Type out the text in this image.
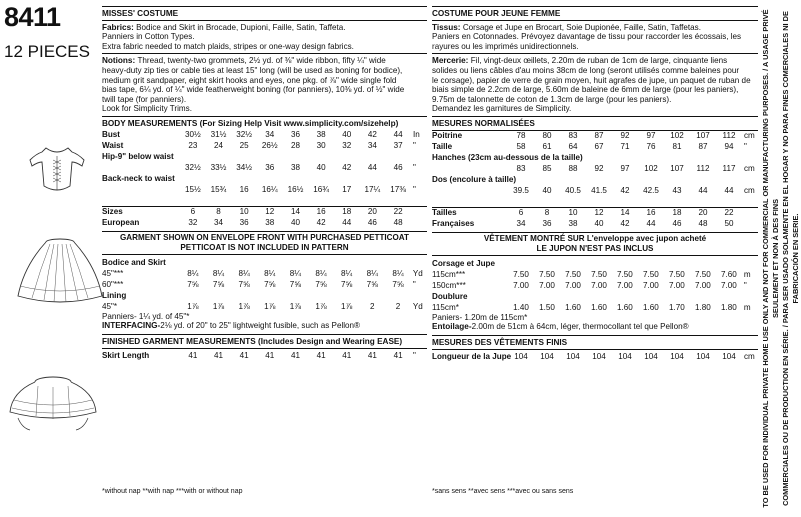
8411
12 PIECES
MISSES' COSTUME
Fabrics:
Bodice and Skirt in Brocade, Dupioni, Faille, Satin, Taffeta.
Panniers in Cotton Types.
Extra fabric needed to match plaids, stripes or one-way design fabrics.
Notions:
Thread, twenty-two grommets, 2½ yd. of ⅜" wide ribbon, fifty ¼" wide
heavy-duty zip ties or cable ties at least 15" long (will be used as boning for bodice),
medium grit sandpaper, eight skirt hooks and eyes, one pkg. of ⅞" wide single fold
bias tape, 6¼ yd. of ¼" wide featherweight boning (for panniers), 10⅜ yd. of ½" wide
twill tape (for panniers).
Look for Simplicity Trims.
BODY MEASUREMENTS (For Sizing Help Visit www.simplicity.com/sizehelp)
Bust	30½	31½	32½	34	36	38	40	42	44	In
Waist	23	24	25	26½	28	30	32	34	37	"
Hip-9" below waist										
	32½	33½	34½	36	38	40	42	44	46	"
Back-neck to waist										
	15½	15¾	16	16¼	16½	16¾	17	17¼	17⅜	"

Sizes	6	8	10	12	14	16	18	20	22	
European	32	34	36	38	40	42	44	46	48	
GARMENT SHOWN ON ENVELOPE FRONT WITH PURCHASED PETTICOAT
PETTICOAT IS NOT INCLUDED IN PATTERN
Bodice and Skirt										
45"***	8¼	8¼	8¼	8¼	8¼	8¼	8¼	8¼	8¼	Yd
60"***	7⅝	7⅝	7⅝	7⅝	7⅝	7⅝	7⅝	7⅝	7⅝	"
Lining										
45"*	1⅞	1⅞	1⅞	1⅞	1⅞	1⅞	1⅞	2	2	Yd
Panniers- 1¼ yd. of 45"*
INTERFACING- 2⅛ yd. of 20" to 25" lightweight fusible, such as Pellon®
FINISHED GARMENT MEASUREMENTS (Includes Design and Wearing EASE)
Skirt Length	41	41	41	41	41	41	41	41	41	"
*without nap **with nap ***with or without nap
COSTUME POUR JEUNE FEMME
Tissus:
Corsage et Jupe en Brocart, Soie Dupionée, Faille, Satin, Taffetas.
Paniers en Cotonnades. Prévoyez davantage de tissu pour raccorder les écossais, les
rayures ou les imprimés unidirectionnels.
Mercerie:
Fil, vingt-deux œillets, 2.20m de ruban de 1cm de large, cinquante liens
solides ou liens câbles d'au moins 38cm de long (seront utilisés comme baleines pour
le corsage), papier de verre de grain moyen, huit agrafes de jupe, un paquet de ruban de
biais simple de 2.2cm de large, 5.60m de baleine de 6mm de large (pour les paniers),
9.75m de talonnette de coton de 1.3cm de large (pour les paniers).
Demandez les garnitures de Simplicity.
MESURES NORMALISÉES
Poitrine	78	80	83	87	92	97	102	107	112	cm
Taille	58	61	64	67	71	76	81	87	94	"
Hanches (23cm au-dessous de la taille)										
	83	85	88	92	97	102	107	112	117	cm
Dos (encolure à taille)										
	39.5	40	40.5	41.5	42	42.5	43	44	44	cm

Tailles	6	8	10	12	14	16	18	20	22	
Françaises	34	36	38	40	42	44	46	48	50	
VÊTEMENT MONTRÉ SUR L'enveloppe avec jupon acheté
LE JUPON N'EST PAS INCLUS
Corsage et Jupe										
115cm***	7.50	7.50	7.50	7.50	7.50	7.50	7.50	7.50	7.60	m
150cm***	7.00	7.00	7.00	7.00	7.00	7.00	7.00	7.00	7.00	"
Doublure										
115cm*	1.40	1.50	1.60	1.60	1.60	1.60	1.70	1.80	1.80	m
Paniers- 1.20m de 115cm*
Entoilage- 2.00m de 51cm à 64cm, léger, thermocollant tel que Pellon®
MESURES DES VÊTEMENTS FINIS
Longueur de la Jupe	104	104	104	104	104	104	104	104	104	cm
*sans sens **avec sens ***avec ou sans sens	TO BE USED FOR INDIVIDUAL PRIVATE HOME USE ONLY AND NOT FOR COMMERCIAL OR MANUFACTURING PURPOSES. / A USAGE PRIVÉ SEULEMENT ET NON À DES FINS COMMERCIALES OU DE PRODUCTION EN SÉRIE. / PARA SER USADO SOLAMENTE EN EL HOGAR Y NO PARA FINES COMERCIALES NI DE FABRICACIÓN EN SERIE.
